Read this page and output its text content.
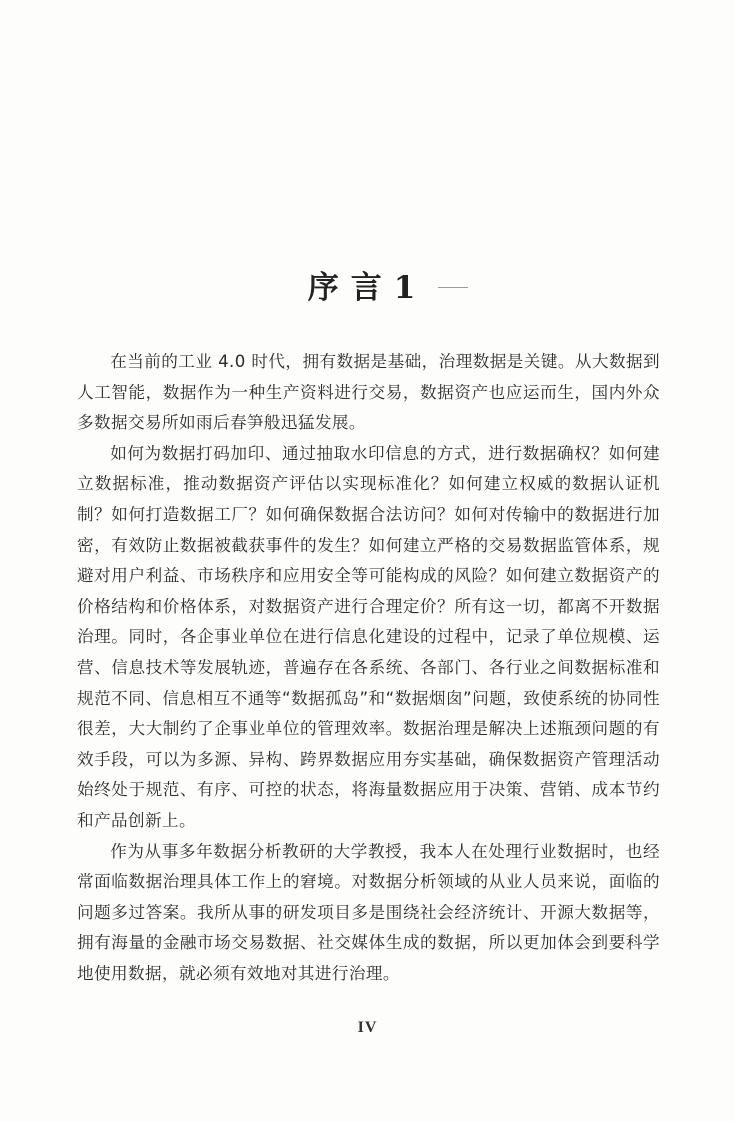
序言1

在当前的工业 4.0 时代，拥有数据是基础，治理数据是关键。从大数据到人工智能，数据作为一种生产资料进行交易，数据资产也应运而生，国内外众多数据交易所如雨后春笋般迅猛发展。

如何为数据打码加印、通过抽取水印信息的方式，进行数据确权？如何建立数据标准，推动数据资产评估以实现标准化？如何建立权威的数据认证机制？如何打造数据工厂？如何确保数据合法访问？如何对传输中的数据进行加密，有效防止数据被截获事件的发生？如何建立严格的交易数据监管体系，规避对用户利益、市场秩序和应用安全等可能构成的风险？如何建立数据资产的价格结构和价格体系，对数据资产进行合理定价？所有这一切，都离不开数据治理。同时，各企事业单位在进行信息化建设的过程中，记录了单位规模、运营、信息技术等发展轨迹，普遍存在各系统、各部门、各行业之间数据标准和规范不同、信息相互不通等“数据孤岛”和“数据烟囱”问题，致使系统的协同性很差，大大制约了企事业单位的管理效率。数据治理是解决上述瓶颈问题的有效手段，可以为多源、异构、跨界数据应用夯实基础，确保数据资产管理活动始终处于规范、有序、可控的状态，将海量数据应用于决策、营销、成本节约和产品创新上。

作为从事多年数据分析教研的大学教授，我本人在处理行业数据时，也经常面临数据治理具体工作上的窘境。对数据分析领域的从业人员来说，面临的问题多过答案。我所从事的研发项目多是围绕社会经济统计、开源大数据等，拥有海量的金融市场交易数据、社交媒体生成的数据，所以更加体会到要科学地使用数据，就必须有效地对其进行治理。

IV
